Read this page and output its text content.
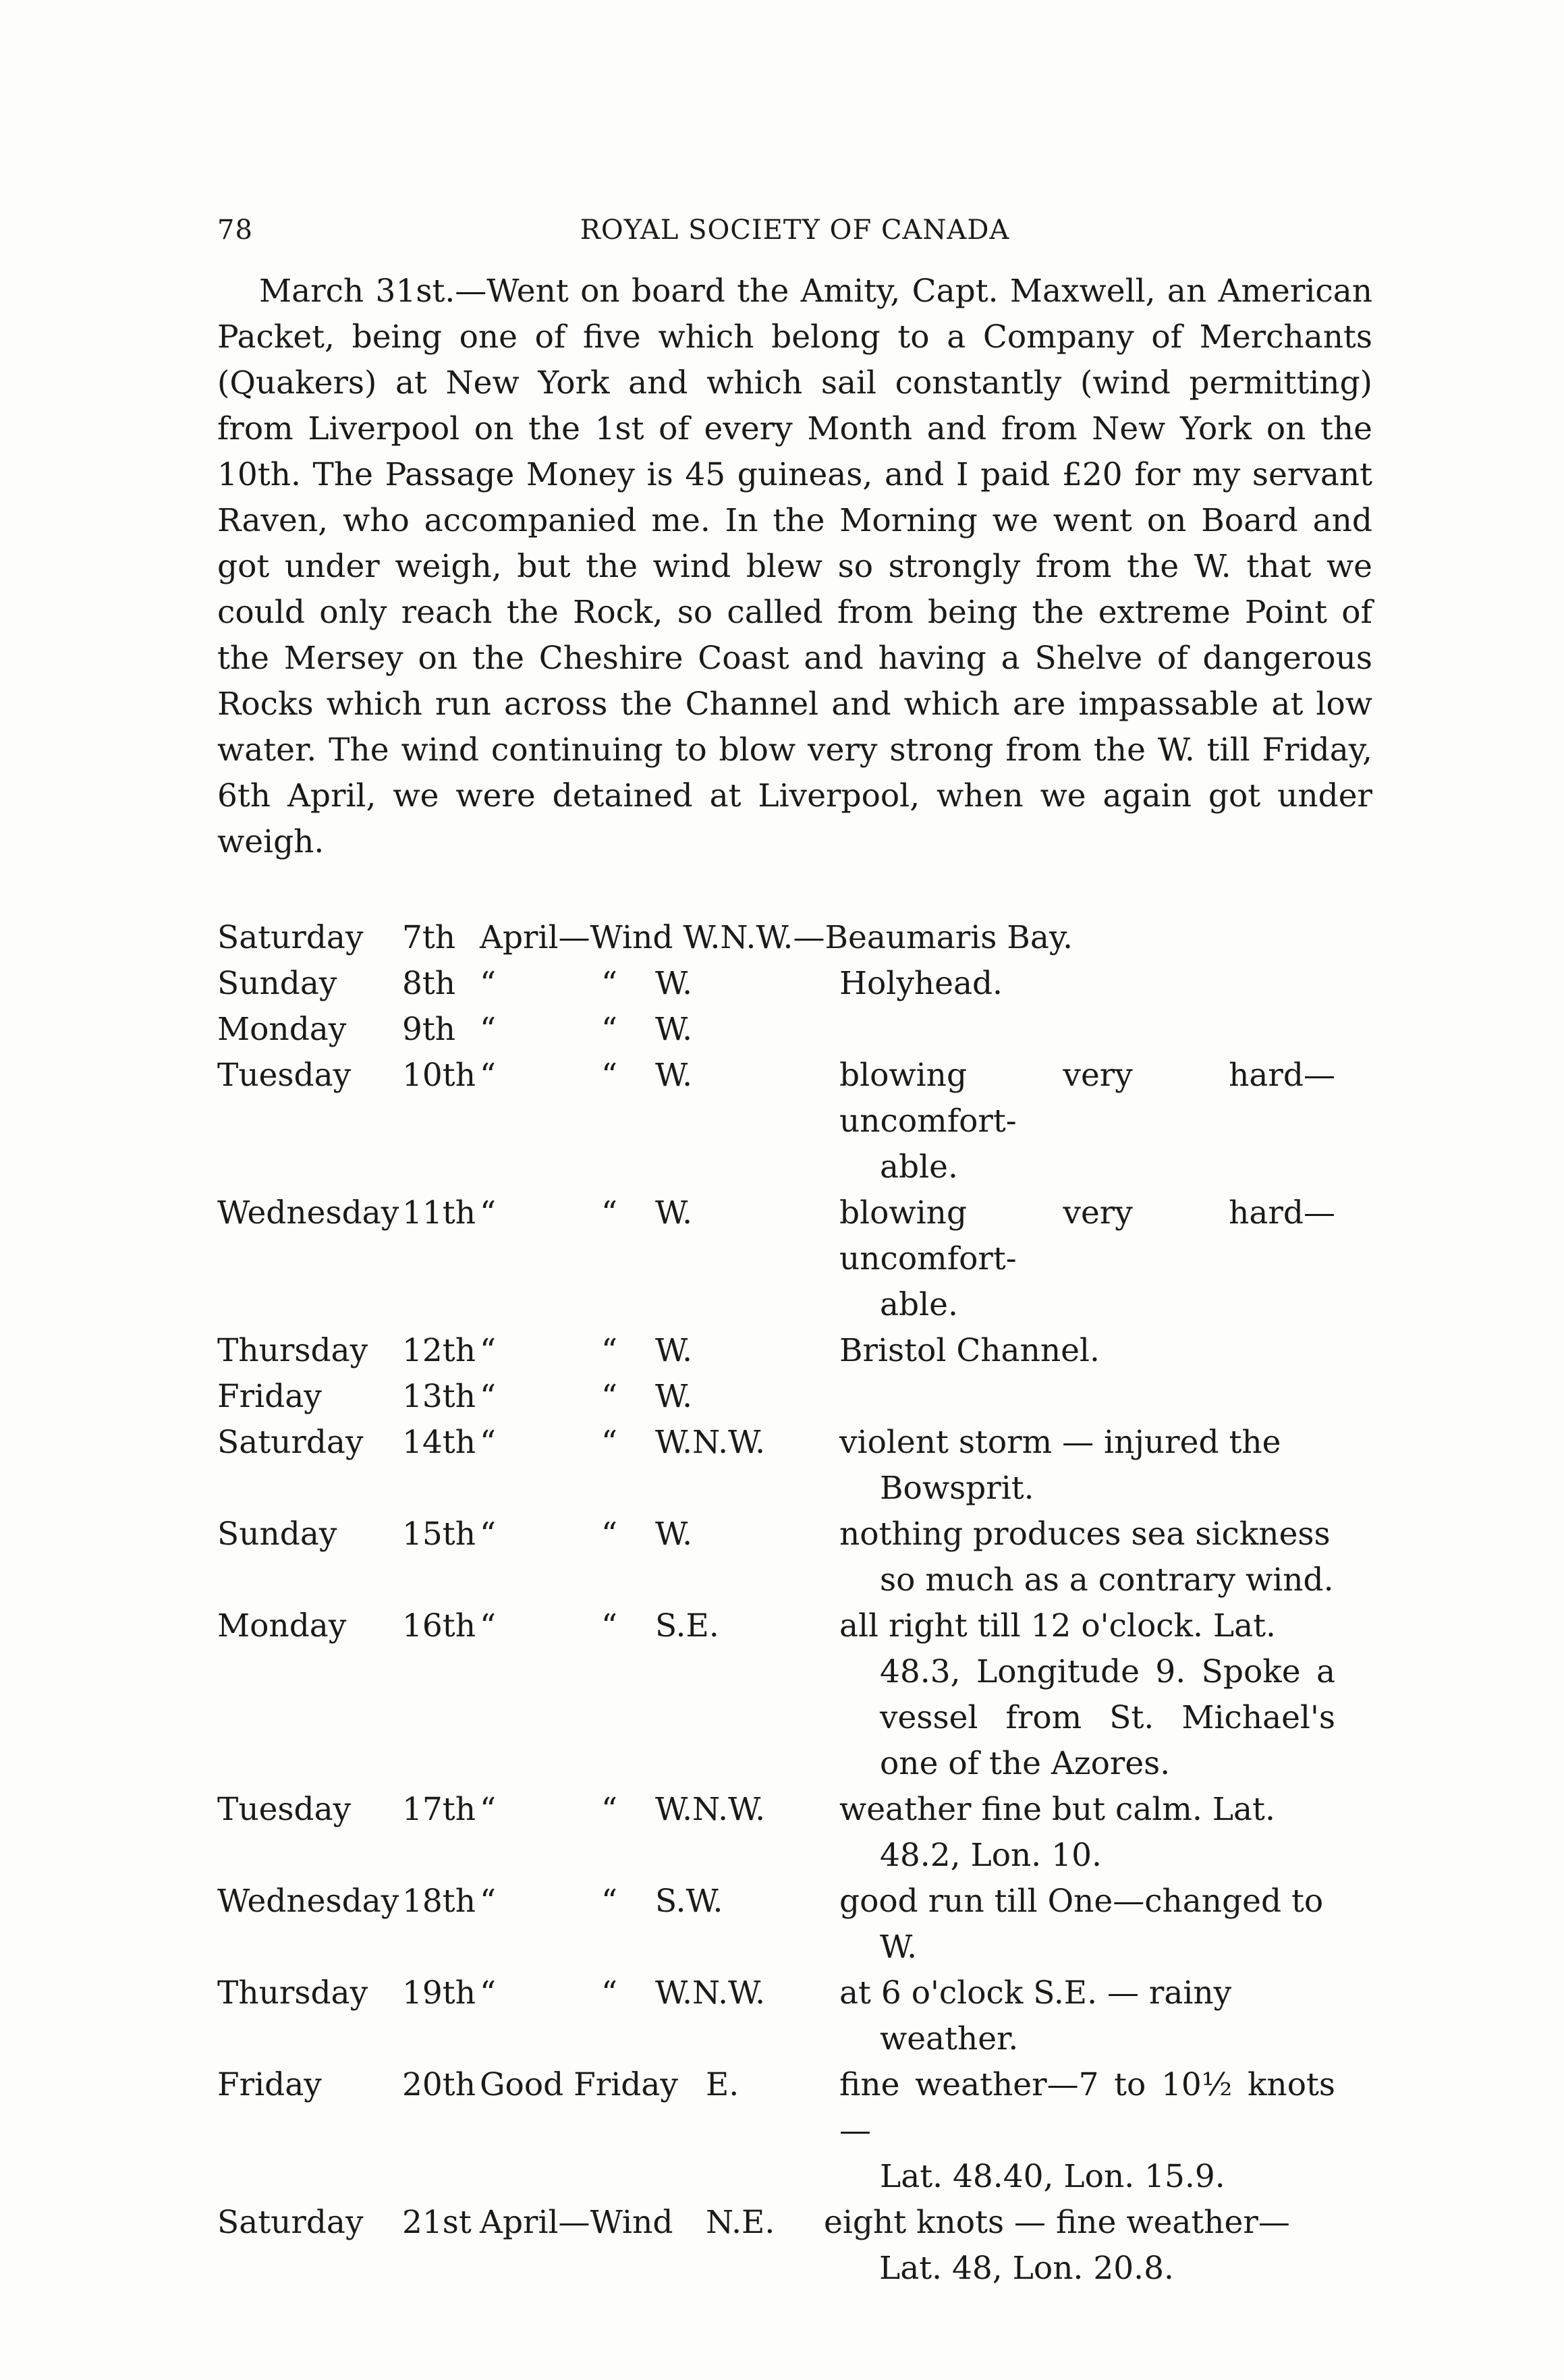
78	ROYAL SOCIETY OF CANADA

March 31st.—Went on board the Amity, Capt. Maxwell, an American Packet, being one of five which belong to a Company of Merchants (Quakers) at New York and which sail constantly (wind permitting) from Liverpool on the 1st of every Month and from New York on the 10th. The Passage Money is 45 guineas, and I paid £20 for my servant Raven, who accompanied me. In the Morning we went on Board and got under weigh, but the wind blew so strongly from the W. that we could only reach the Rock, so called from being the extreme Point of the Mersey on the Cheshire Coast and having a Shelve of dangerous Rocks which run across the Channel and which are impassable at low water. The wind continuing to blow very strong from the W. till Friday, 6th April, we were detained at Liverpool, when we again got under weigh.

Saturday	7th April—Wind W.N.W.—Beaumaris Bay.
Sunday	8th “	“	W.	Holyhead.
Monday	9th “	“	W.
Tuesday	10th “	“	W.	blowing very hard—uncomfort-
able.
Wednesday 11th “	“	W.	blowing very hard—uncomfort-
able.
Thursday	12th “	“	W.	Bristol Channel.
Friday	13th “	“	W.
Saturday	14th “	“	W.N.W.	violent storm — injured the
Bowsprit.
Sunday	15th “	“	W.	nothing produces sea sickness
so much as a contrary wind.
Monday	16th “	“	S.E.	all right till 12 o'clock. Lat.
48.3, Longitude 9. Spoke a vessel from St. Michael's one of the Azores.
Tuesday	17th “	“	W.N.W.	weather fine but calm. Lat.
48.2, Lon. 10.
Wednesday 18th “	“	S.W.	good run till One—changed to
W.
Thursday	19th “	“	W.N.W.	at 6 o'clock S.E. — rainy
weather.
Friday	20th Good Friday E.	fine weather—7 to 10½ knots—
Lat. 48.40, Lon. 15.9.
Saturday	21st April—Wind	N.E.	eight knots — fine weather—
Lat. 48, Lon. 20.8.
